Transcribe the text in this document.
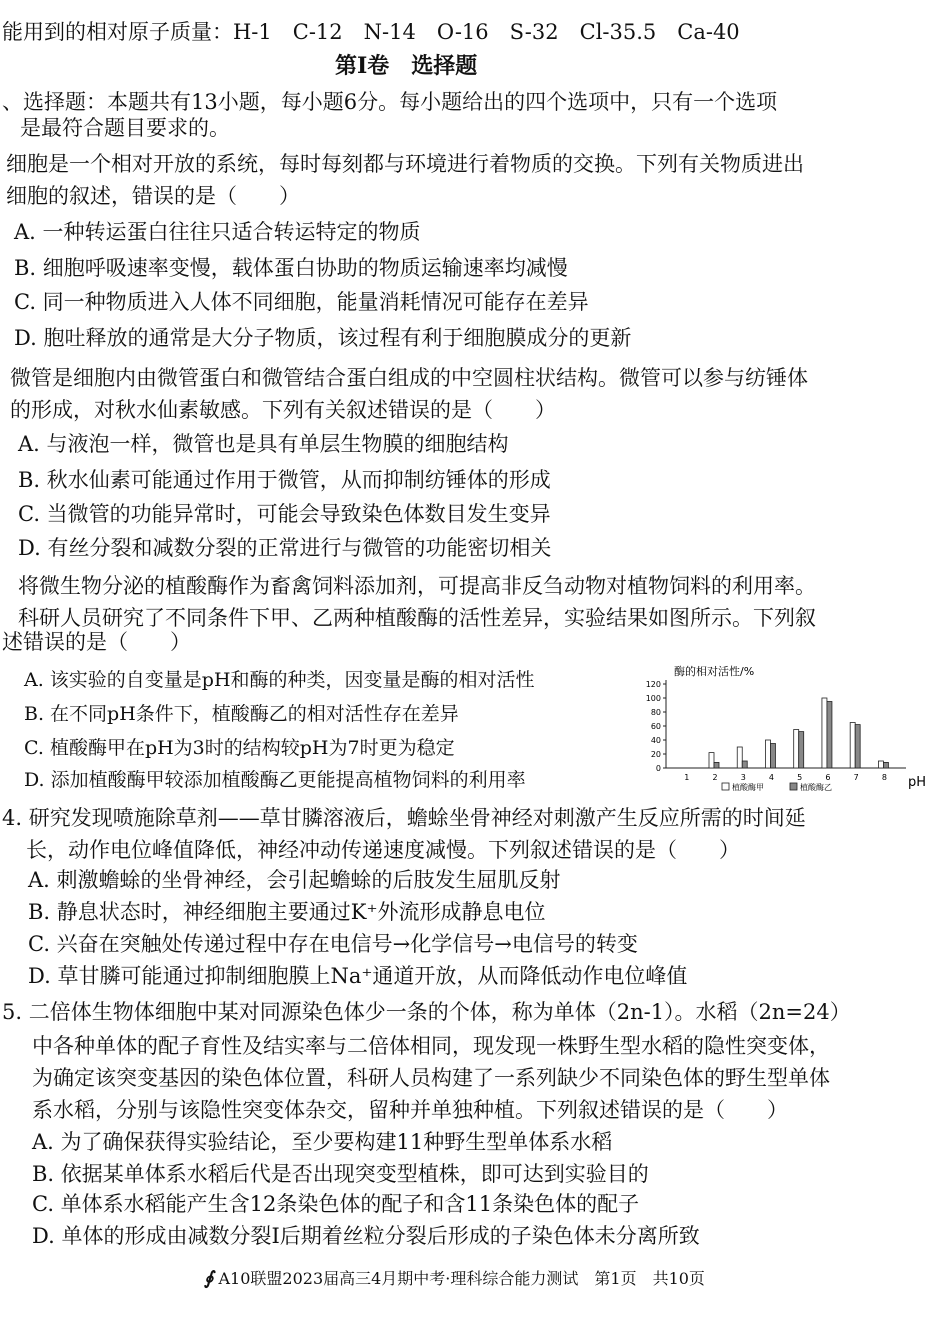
能用到的相对原子质量：H-1　C-12　N-14　O-16　S-32　Cl-35.5　Ca-40
第Ⅰ卷　选择题
、选择题：本题共有13小题，每小题6分。每小题给出的四个选项中，只有一个选项
是最符合题目要求的。
细胞是一个相对开放的系统，每时每刻都与环境进行着物质的交换。下列有关物质进出
细胞的叙述，错误的是（　　）
A. 一种转运蛋白往往只适合转运特定的物质
B. 细胞呼吸速率变慢，载体蛋白协助的物质运输速率均减慢
C. 同一种物质进入人体不同细胞，能量消耗情况可能存在差异
D. 胞吐释放的通常是大分子物质，该过程有利于细胞膜成分的更新
微管是细胞内由微管蛋白和微管结合蛋白组成的中空圆柱状结构。微管可以参与纺锤体
的形成，对秋水仙素敏感。下列有关叙述错误的是（　　）
A. 与液泡一样，微管也是具有单层生物膜的细胞结构
B. 秋水仙素可能通过作用于微管，从而抑制纺锤体的形成
C. 当微管的功能异常时，可能会导致染色体数目发生变异
D. 有丝分裂和减数分裂的正常进行与微管的功能密切相关
将微生物分泌的植酸酶作为畜禽饲料添加剂，可提高非反刍动物对植物饲料的利用率。
科研人员研究了不同条件下甲、乙两种植酸酶的活性差异，实验结果如图所示。下列叙
述错误的是（　　）
A. 该实验的自变量是pH和酶的种类，因变量是酶的相对活性
B. 在不同pH条件下，植酸酶乙的相对活性存在差异
C. 植酸酶甲在pH为3时的结构较pH为7时更为稳定
D. 添加植酸酶甲较添加植酸酶乙更能提高植物饲料的利用率
酶的相对活性/%
0
20
40
60
80
100
120
1	2	3	4	5	6	7	8 pH
植酸酶甲	植酸酶乙
4. 研究发现喷施除草剂——草甘膦溶液后，蟾蜍坐骨神经对刺激产生反应所需的时间延
长，动作电位峰值降低，神经冲动传递速度减慢。下列叙述错误的是（　　）
A. 刺激蟾蜍的坐骨神经，会引起蟾蜍的后肢发生屈肌反射
B. 静息状态时，神经细胞主要通过K⁺外流形成静息电位
C. 兴奋在突触处传递过程中存在电信号→化学信号→电信号的转变
D. 草甘膦可能通过抑制细胞膜上Na⁺通道开放，从而降低动作电位峰值
5. 二倍体生物体细胞中某对同源染色体少一条的个体，称为单体（2n-1）。水稻（2n=24）
中各种单体的配子育性及结实率与二倍体相同，现发现一株野生型水稻的隐性突变体，
为确定该突变基因的染色体位置，科研人员构建了一系列缺少不同染色体的野生型单体
系水稻，分别与该隐性突变体杂交，留种并单独种植。下列叙述错误的是（　　）
A. 为了确保获得实验结论，至少要构建11种野生型单体系水稻
B. 依据某单体系水稻后代是否出现突变型植株，即可达到实验目的
C. 单体系水稻能产生含12条染色体的配子和含11条染色体的配子
D. 单体的形成由减数分裂Ⅰ后期着丝粒分裂后形成的子染色体未分离所致
∮ A10联盟2023届高三4月期中考·理科综合能力测试　第1页　共10页
